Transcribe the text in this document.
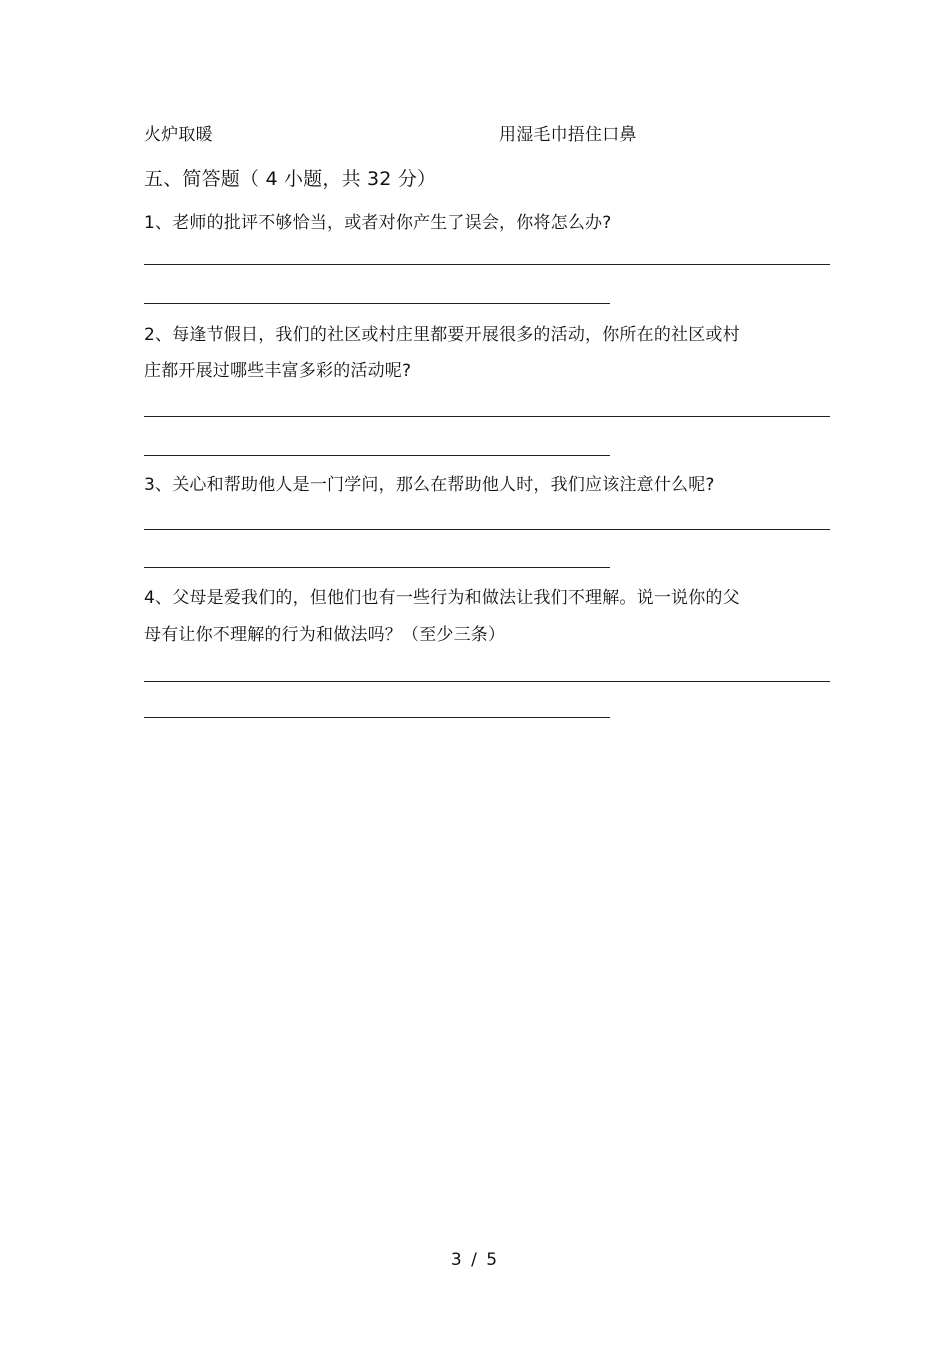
火炉取暖	用湿毛巾捂住口鼻
五、简答题（ 4 小题，共 32 分）
1、老师的批评不够恰当，或者对你产生了误会，你将怎么办?
2、每逢节假日，我们的社区或村庄里都要开展很多的活动，你所在的社区或村
庄都开展过哪些丰富多彩的活动呢?
3、关心和帮助他人是一门学问，那么在帮助他人时，我们应该注意什么呢?
4、父母是爱我们的，但他们也有一些行为和做法让我们不理解。说一说你的父
母有让你不理解的行为和做法吗？（至少三条）
3 / 5
